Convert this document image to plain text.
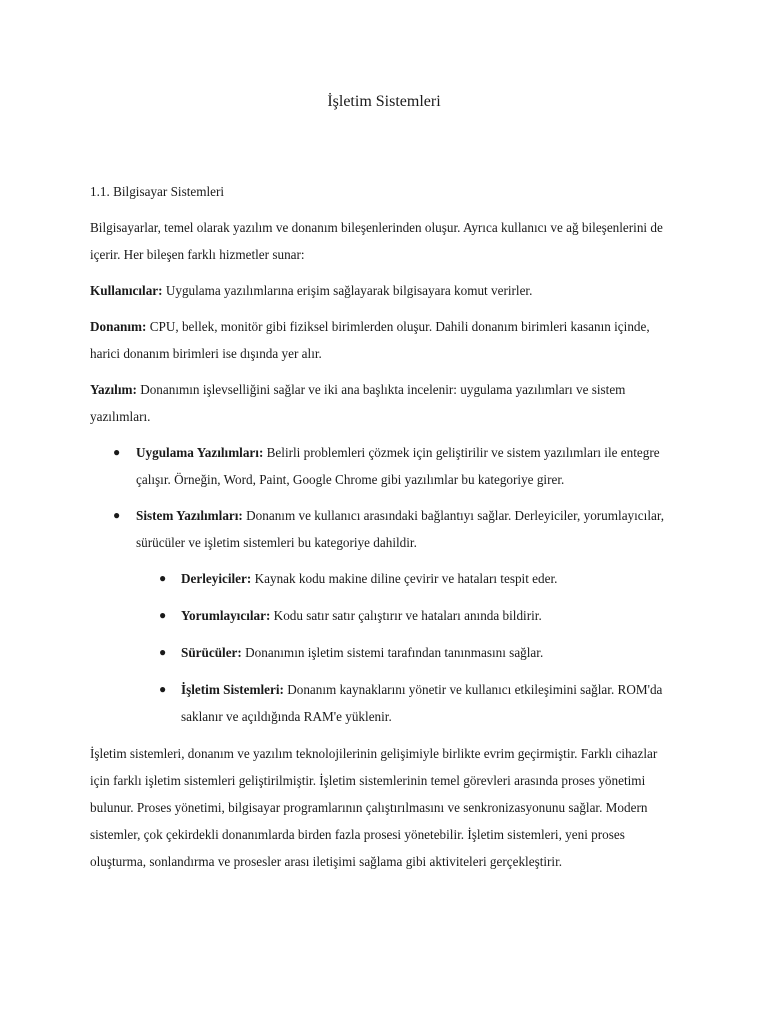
İşletim Sistemleri

1.1. Bilgisayar Sistemleri

Bilgisayarlar, temel olarak yazılım ve donanım bileşenlerinden oluşur. Ayrıca kullanıcı ve ağ bileşenlerini de içerir. Her bileşen farklı hizmetler sunar:

Kullanıcılar: Uygulama yazılımlarına erişim sağlayarak bilgisayara komut verirler.

Donanım: CPU, bellek, monitör gibi fiziksel birimlerden oluşur. Dahili donanım birimleri kasanın içinde, harici donanım birimleri ise dışında yer alır.

Yazılım: Donanımın işlevselliğini sağlar ve iki ana başlıkta incelenir: uygulama yazılımları ve sistem yazılımları.

● Uygulama Yazılımları: Belirli problemleri çözmek için geliştirilir ve sistem yazılımları ile entegre çalışır. Örneğin, Word, Paint, Google Chrome gibi yazılımlar bu kategoriye girer.
● Sistem Yazılımları: Donanım ve kullanıcı arasındaki bağlantıyı sağlar. Derleyiciler, yorumlayıcılar, sürücüler ve işletim sistemleri bu kategoriye dahildir.
● Derleyiciler: Kaynak kodu makine diline çevirir ve hataları tespit eder.
● Yorumlayıcılar: Kodu satır satır çalıştırır ve hataları anında bildirir.
● Sürücüler: Donanımın işletim sistemi tarafından tanınmasını sağlar.
● İşletim Sistemleri: Donanım kaynaklarını yönetir ve kullanıcı etkileşimini sağlar. ROM'da saklanır ve açıldığında RAM'e yüklenir.

İşletim sistemleri, donanım ve yazılım teknolojilerinin gelişimiyle birlikte evrim geçirmiştir. Farklı cihazlar için farklı işletim sistemleri geliştirilmiştir. İşletim sistemlerinin temel görevleri arasında proses yönetimi bulunur. Proses yönetimi, bilgisayar programlarının çalıştırılmasını ve senkronizasyonunu sağlar. Modern sistemler, çok çekirdekli donanımlarda birden fazla prosesi yönetebilir. İşletim sistemleri, yeni proses oluşturma, sonlandırma ve prosesler arası iletişimi sağlama gibi aktiviteleri gerçekleştirir.
